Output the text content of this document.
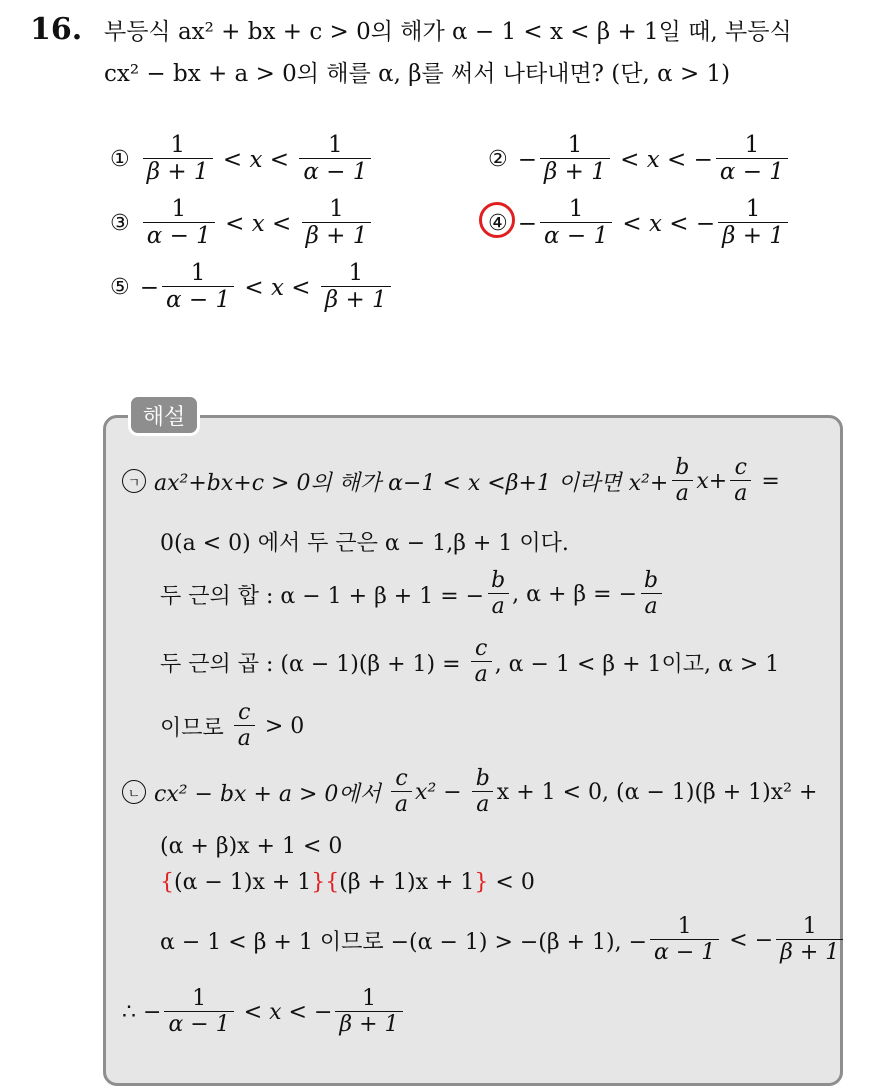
16. 부등식 ax² + bx + c > 0의 해가 α − 1 < x < β + 1일 때, 부등식
cx² − bx + a > 0의 해를 α, β를 써서 나타내면? (단, α > 1)
① $\frac{1}{\beta + 1} < x < \frac{1}{\alpha - 1}$	② − $\frac{1}{\beta + 1} < x$ < − $\frac{1}{\alpha - 1}$
③ $\frac{1}{\alpha - 1} < x < \frac{1}{\beta + 1}$	④ − $\frac{1}{\alpha - 1} < x$ < − $\frac{1}{\beta + 1}$
⑤ − $\frac{1}{\alpha - 1} < x < \frac{1}{\beta + 1}$
해설
ㄱ ax²+bx+c > 0의 해가 α−1 < x <β+1 이라면 $x^2+ \frac{b}{a} x+ \frac{c}{a}$ =
0(a < 0) 에서 두 근은 α − 1,β + 1 이다.
두 근의 합 : α − 1 + β + 1 = − $\frac{b}{a}$ , α + β = − $\frac{b}{a}$
두 근의 곱 : $(\alpha - 1)(\beta + 1) = \frac{c}{a}$ , α − 1 < β + 1이고, α > 1
이므로 $\frac{c}{a} > 0$
ㄴ cx² − bx + a > 0에서 $\frac{c}{a} x^2 - \frac{b}{a}$ x + 1 < 0, (α − 1)(β + 1)x² +
(α + β)x + 1 < 0
{ (α − 1)x + 1 }{ (β + 1)x + 1 } < 0
α − 1 < β + 1 이므로 −(α − 1) > −(β + 1), − $\frac{1}{\alpha - 1}$ < − $\frac{1}{\beta + 1}$
∴ − $\frac{1}{\alpha - 1} < x$ < − $\frac{1}{\beta + 1}$
